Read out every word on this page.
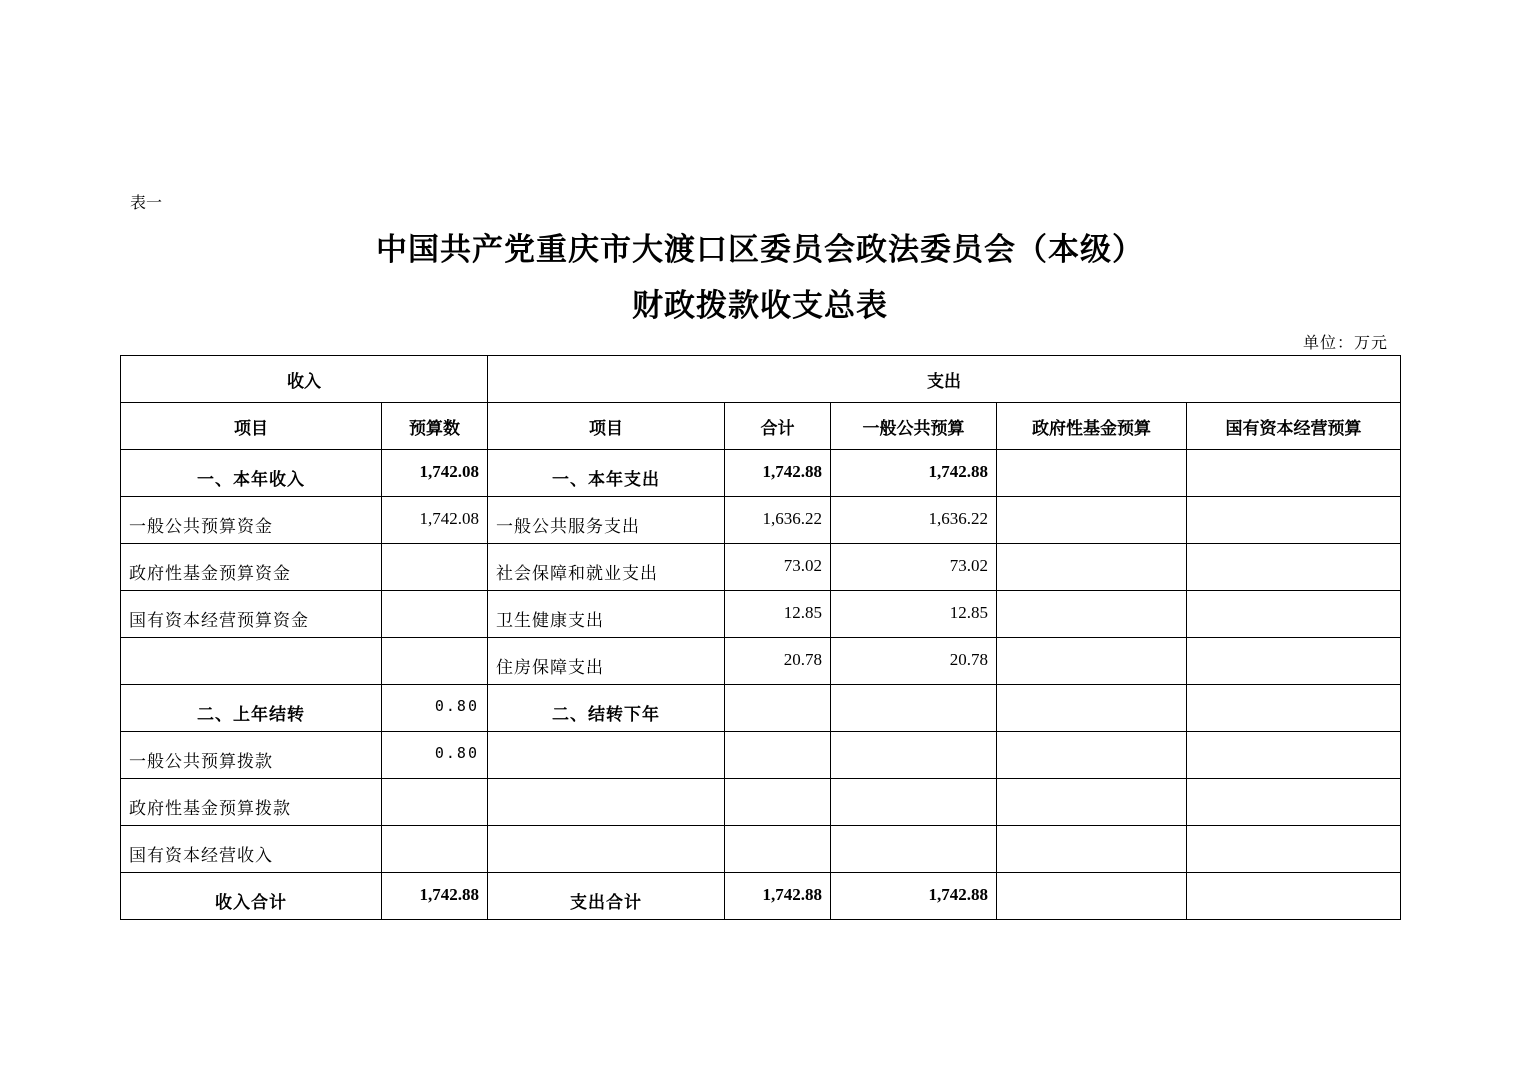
表一
中国共产党重庆市大渡口区委员会政法委员会（本级）
财政拨款收支总表
单位：万元
收入		支出				
项目	预算数	项目	合计	一般公共预算	政府性基金预算	国有资本经营预算
一、本年收入	1,742.08	一、本年支出	1,742.88	1,742.88		
一般公共预算资金	1,742.08	一般公共服务支出	1,636.22	1,636.22		
政府性基金预算资金		社会保障和就业支出	73.02	73.02		
国有资本经营预算资金		卫生健康支出	12.85	12.85		
		住房保障支出	20.78	20.78		
二、上年结转	0.80	二、结转下年				
一般公共预算拨款	0.80					
政府性基金预算拨款						
国有资本经营收入						
收入合计	1,742.88	支出合计	1,742.88	1,742.88		
